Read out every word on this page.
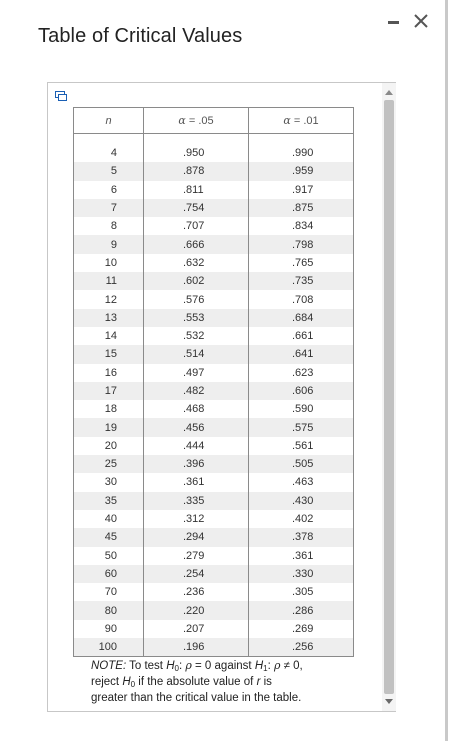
Table of Critical Values
n	α = .05	α = .01

4	.950	.990
5	.878	.959
6	.811	.917
7	.754	.875
8	.707	.834
9	.666	.798
10	.632	.765
11	.602	.735
12	.576	.708
13	.553	.684
14	.532	.661
15	.514	.641
16	.497	.623
17	.482	.606
18	.468	.590
19	.456	.575
20	.444	.561
25	.396	.505
30	.361	.463
35	.335	.430
40	.312	.402
45	.294	.378
50	.279	.361
60	.254	.330
70	.236	.305
80	.220	.286
90	.207	.269
100	.196	.256
NOTE: To test $H_0$: ρ = 0 against $H_1$: ρ ≠ 0,
reject $H_0$ if the absolute value of r is
greater than the critical value in the table.
